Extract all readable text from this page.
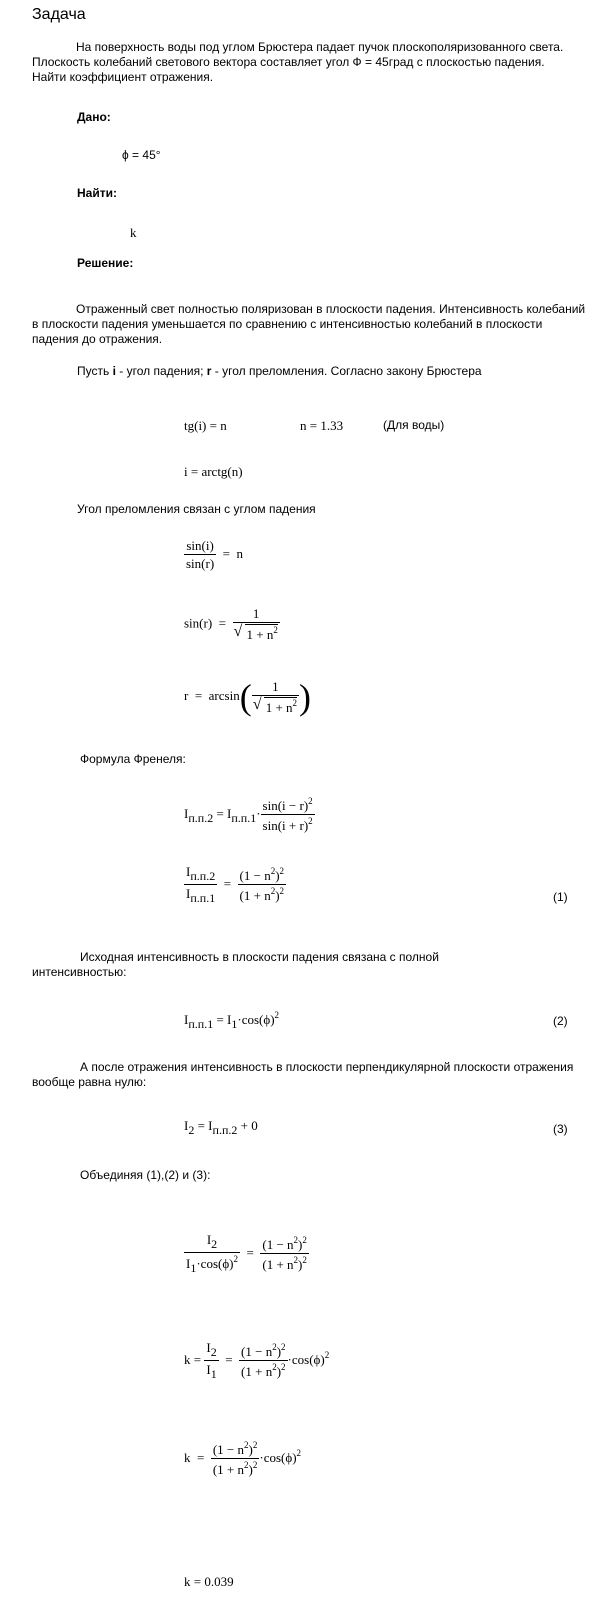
Задача
На поверхность воды под углом Брюстера падает пучок плоскополяризованного света. Плоскость колебаний светового вектора составляет угол Ф = 45град с плоскостью падения. Найти коэффициент отражения.
Дано:
ϕ = 45°
Найти:
k
Решение:
Отраженный свет полностью поляризован в плоскости падения. Интенсивность колебаний в плоскости падения уменьшается по сравнению с интенсивностью колебаний в плоскости падения до отражения.
Пусть i - угол падения; r - угол преломления. Согласно закону Брюстера
tg(i) = n	n = 1.33	(Для воды)
i = arctg(n)
Угол преломления связан с углом падения
$\frac{\sin(i)}{\sin(r)} = n$
sin(r)  = 1
√ $1 + n^2$
r  =  arcsin( 1
√ $1 + n^2$ )
Формула Френеля:
$I_{п.п.2} = I_{п.п.1}\cdot \frac{\sin(i - r)^2}{\sin(i + r)^2}$
$I_{п.п.2}$
$I_{п.п.1}$
= $\frac{(1 - n^2)^2}{(1 + n^2)^2}$	(1)
Исходная интенсивность в плоскости падения связана с полной интенсивностью:
$I_{п.п.1} = I_1\cdot\cos(\phi)^2$	(2)
А после отражения интенсивность в плоскости перпендикулярной плоскости отражения вообще равна нулю:
$I_2 = I_{п.п.2} + 0$	(3)
Объединяя (1),(2) и (3):
$\frac{I_2}{I_1\cdot\cos(\phi)^2} = \frac{(1 - n^2)^2}{(1 + n^2)^2}$
$k = \frac{I_2}{I_1} = \frac{(1 - n^2)^2}{(1 + n^2)^2} \cdot\cos(\phi)^2$
$k = \frac{(1 - n^2)^2}{(1 + n^2)^2} \cdot\cos(\phi)^2$
k = 0.039
